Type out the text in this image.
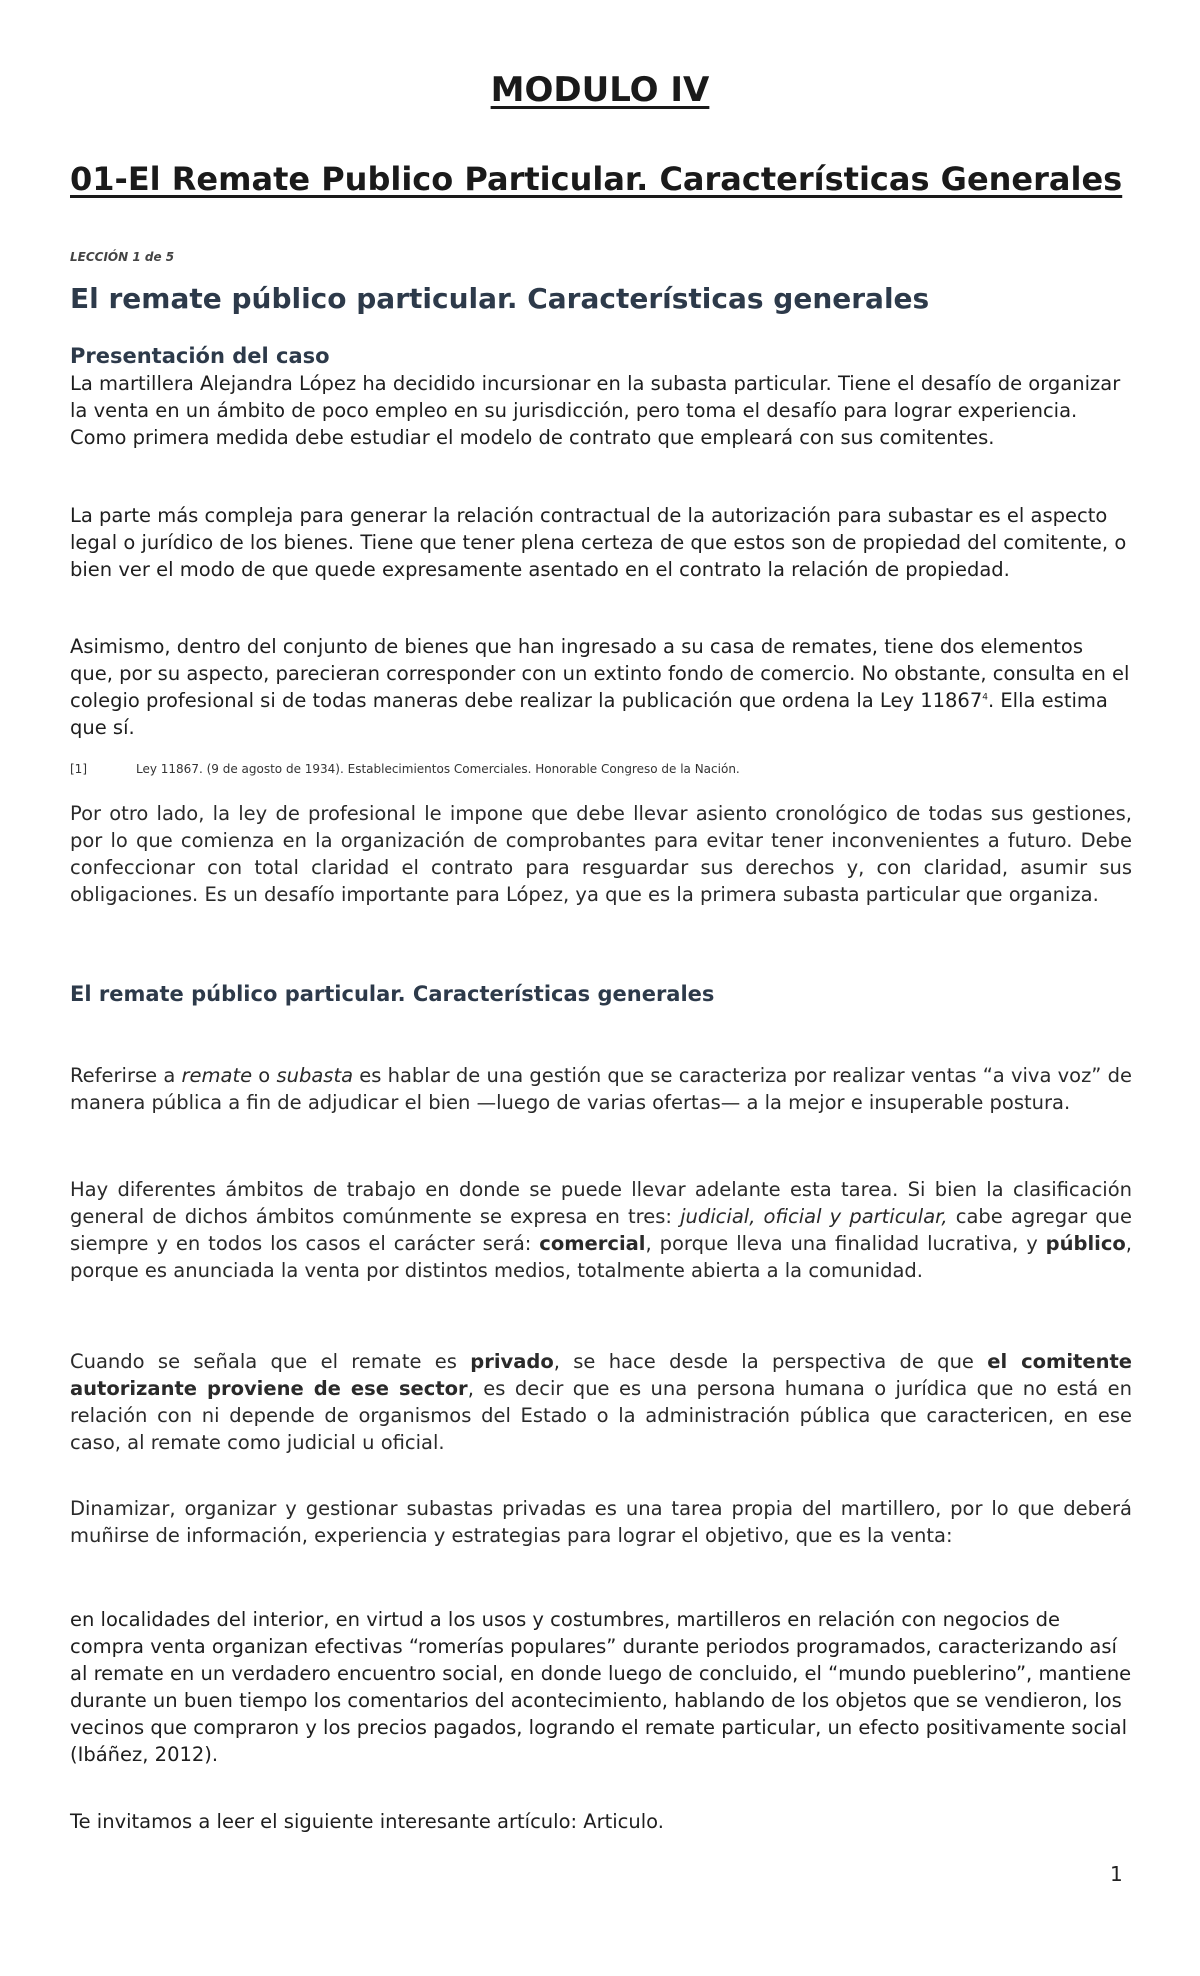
MODULO IV
01-El Remate Publico Particular. Características Generales
LECCIÓN 1 de 5
El remate público particular. Características generales
Presentación del caso

La martillera Alejandra López ha decidido incursionar en la subasta particular. Tiene el desafío de organizar la venta en un ámbito de poco empleo en su jurisdicción, pero toma el desafío para lograr experiencia. Como primera medida debe estudiar el modelo de contrato que empleará con sus comitentes.

La parte más compleja para generar la relación contractual de la autorización para subastar es el aspecto legal o jurídico de los bienes. Tiene que tener plena certeza de que estos son de propiedad del comitente, o bien ver el modo de que quede expresamente asentado en el contrato la relación de propiedad.

Asimismo, dentro del conjunto de bienes que han ingresado a su casa de remates, tiene dos elementos que, por su aspecto, parecieran corresponder con un extinto fondo de comercio. No obstante, consulta en el colegio profesional si de todas maneras debe realizar la publicación que ordena la Ley 11867$^4$. Ella estima que sí.

[1]	Ley 11867. (9 de agosto de 1934). Establecimientos Comerciales. Honorable Congreso de la Nación.

Por otro lado, la ley de profesional le impone que debe llevar asiento cronológico de todas sus gestiones, por lo que comienza en la organización de comprobantes para evitar tener inconvenientes a futuro. Debe confeccionar con total claridad el contrato para resguardar sus derechos y, con claridad, asumir sus obligaciones. Es un desafío importante para López, ya que es la primera subasta particular que organiza.

El remate público particular. Características generales

Referirse a remate o subasta es hablar de una gestión que se caracteriza por realizar ventas “a viva voz” de manera pública a fin de adjudicar el bien —luego de varias ofertas— a la mejor e insuperable postura.

Hay diferentes ámbitos de trabajo en donde se puede llevar adelante esta tarea. Si bien la clasificación general de dichos ámbitos comúnmente se expresa en tres: judicial, oficial y particular, cabe agregar que siempre y en todos los casos el carácter será: comercial, porque lleva una finalidad lucrativa, y público, porque es anunciada la venta por distintos medios, totalmente abierta a la comunidad.

Cuando se señala que el remate es privado, se hace desde la perspectiva de que el comitente autorizante proviene de ese sector, es decir que es una persona humana o jurídica que no está en relación con ni depende de organismos del Estado o la administración pública que caractericen, en ese caso, al remate como judicial u oficial.

Dinamizar, organizar y gestionar subastas privadas es una tarea propia del martillero, por lo que deberá muñirse de información, experiencia y estrategias para lograr el objetivo, que es la venta:

en localidades del interior, en virtud a los usos y costumbres, martilleros en relación con negocios de compra venta organizan efectivas “romerías populares” durante periodos programados, caracterizando así al remate en un verdadero encuentro social, en donde luego de concluido, el “mundo pueblerino”, mantiene durante un buen tiempo los comentarios del acontecimiento, hablando de los objetos que se vendieron, los vecinos que compraron y los precios pagados, logrando el remate particular, un efecto positivamente social (Ibáñez, 2012).

Te invitamos a leer el siguiente interesante artículo: Articulo.

1
